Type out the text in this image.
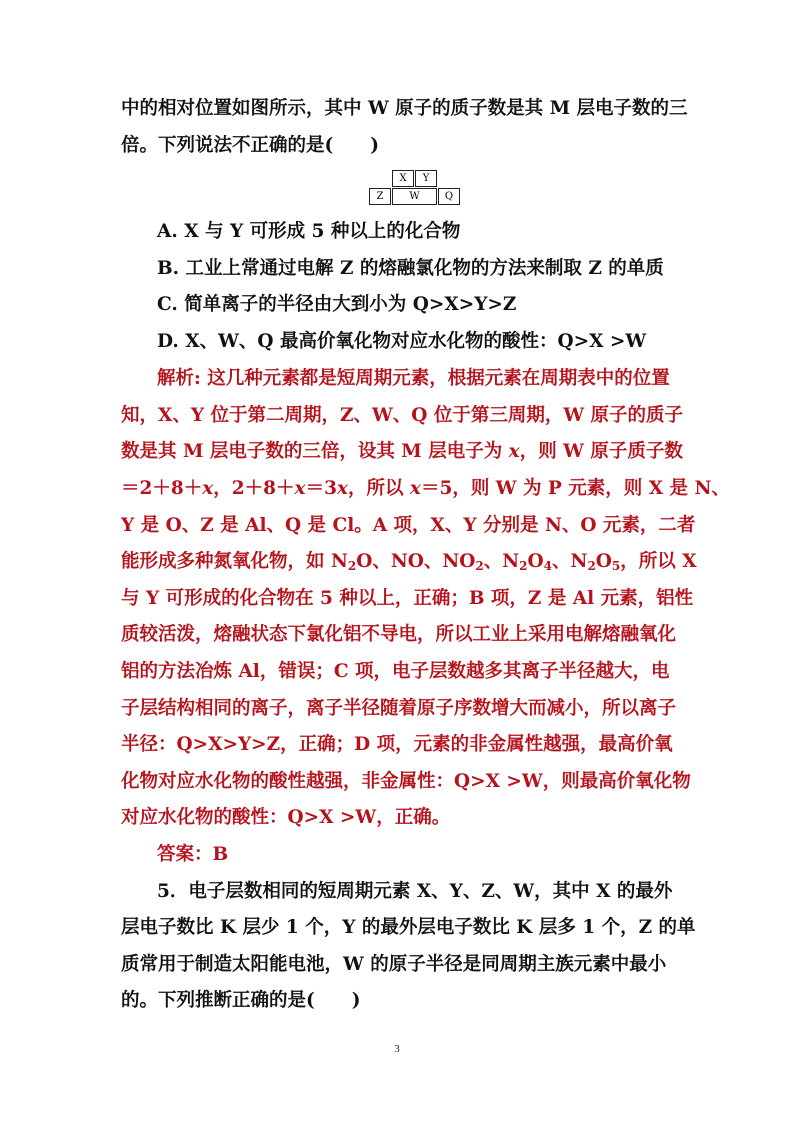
中的相对位置如图所示，其中 W 原子的质子数是其 M 层电子数的三
倍。下列说法不正确的是(　　)
X	Y
Z	W	Q
A. X 与 Y 可形成 5 种以上的化合物
B. 工业上常通过电解 Z 的熔融氯化物的方法来制取 Z 的单质
C. 简单离子的半径由大到小为 Q>X>Y>Z
D. X、W、Q 最高价氧化物对应水化物的酸性：Q>X >W
解析: 这几种元素都是短周期元素，根据元素在周期表中的位置
知，X、Y 位于第二周期，Z、W、Q 位于第三周期，W 原子的质子
数是其 M 层电子数的三倍，设其 M 层电子为 x，则 W 原子质子数
＝2＋8＋x，2＋8＋x＝3x，所以 x＝5，则 W 为 P 元素，则 X 是 N、
Y 是 O、Z 是 Al、Q 是 Cl。A 项，X、Y 分别是 N、O 元素，二者
能形成多种氮氧化物，如 $N_2O$、NO、$NO_2$、$N_2O_4$、$N_2O_5$，所以 X
与 Y 可形成的化合物在 5 种以上，正确；B 项，Z 是 Al 元素，铝性
质较活泼，熔融状态下氯化铝不导电，所以工业上采用电解熔融氧化
铝的方法冶炼 Al，错误；C 项，电子层数越多其离子半径越大，电
子层结构相同的离子，离子半径随着原子序数增大而减小，所以离子
半径：Q>X>Y>Z，正确；D 项，元素的非金属性越强，最高价氧
化物对应水化物的酸性越强，非金属性：Q>X >W，则最高价氧化物
对应水化物的酸性：Q>X >W，正确。
答案：B
5．电子层数相同的短周期元素 X、Y、Z、W，其中 X 的最外
层电子数比 K 层少 1 个，Y 的最外层电子数比 K 层多 1 个，Z 的单
质常用于制造太阳能电池，W 的原子半径是同周期主族元素中最小
的。下列推断正确的是(　　)
3
